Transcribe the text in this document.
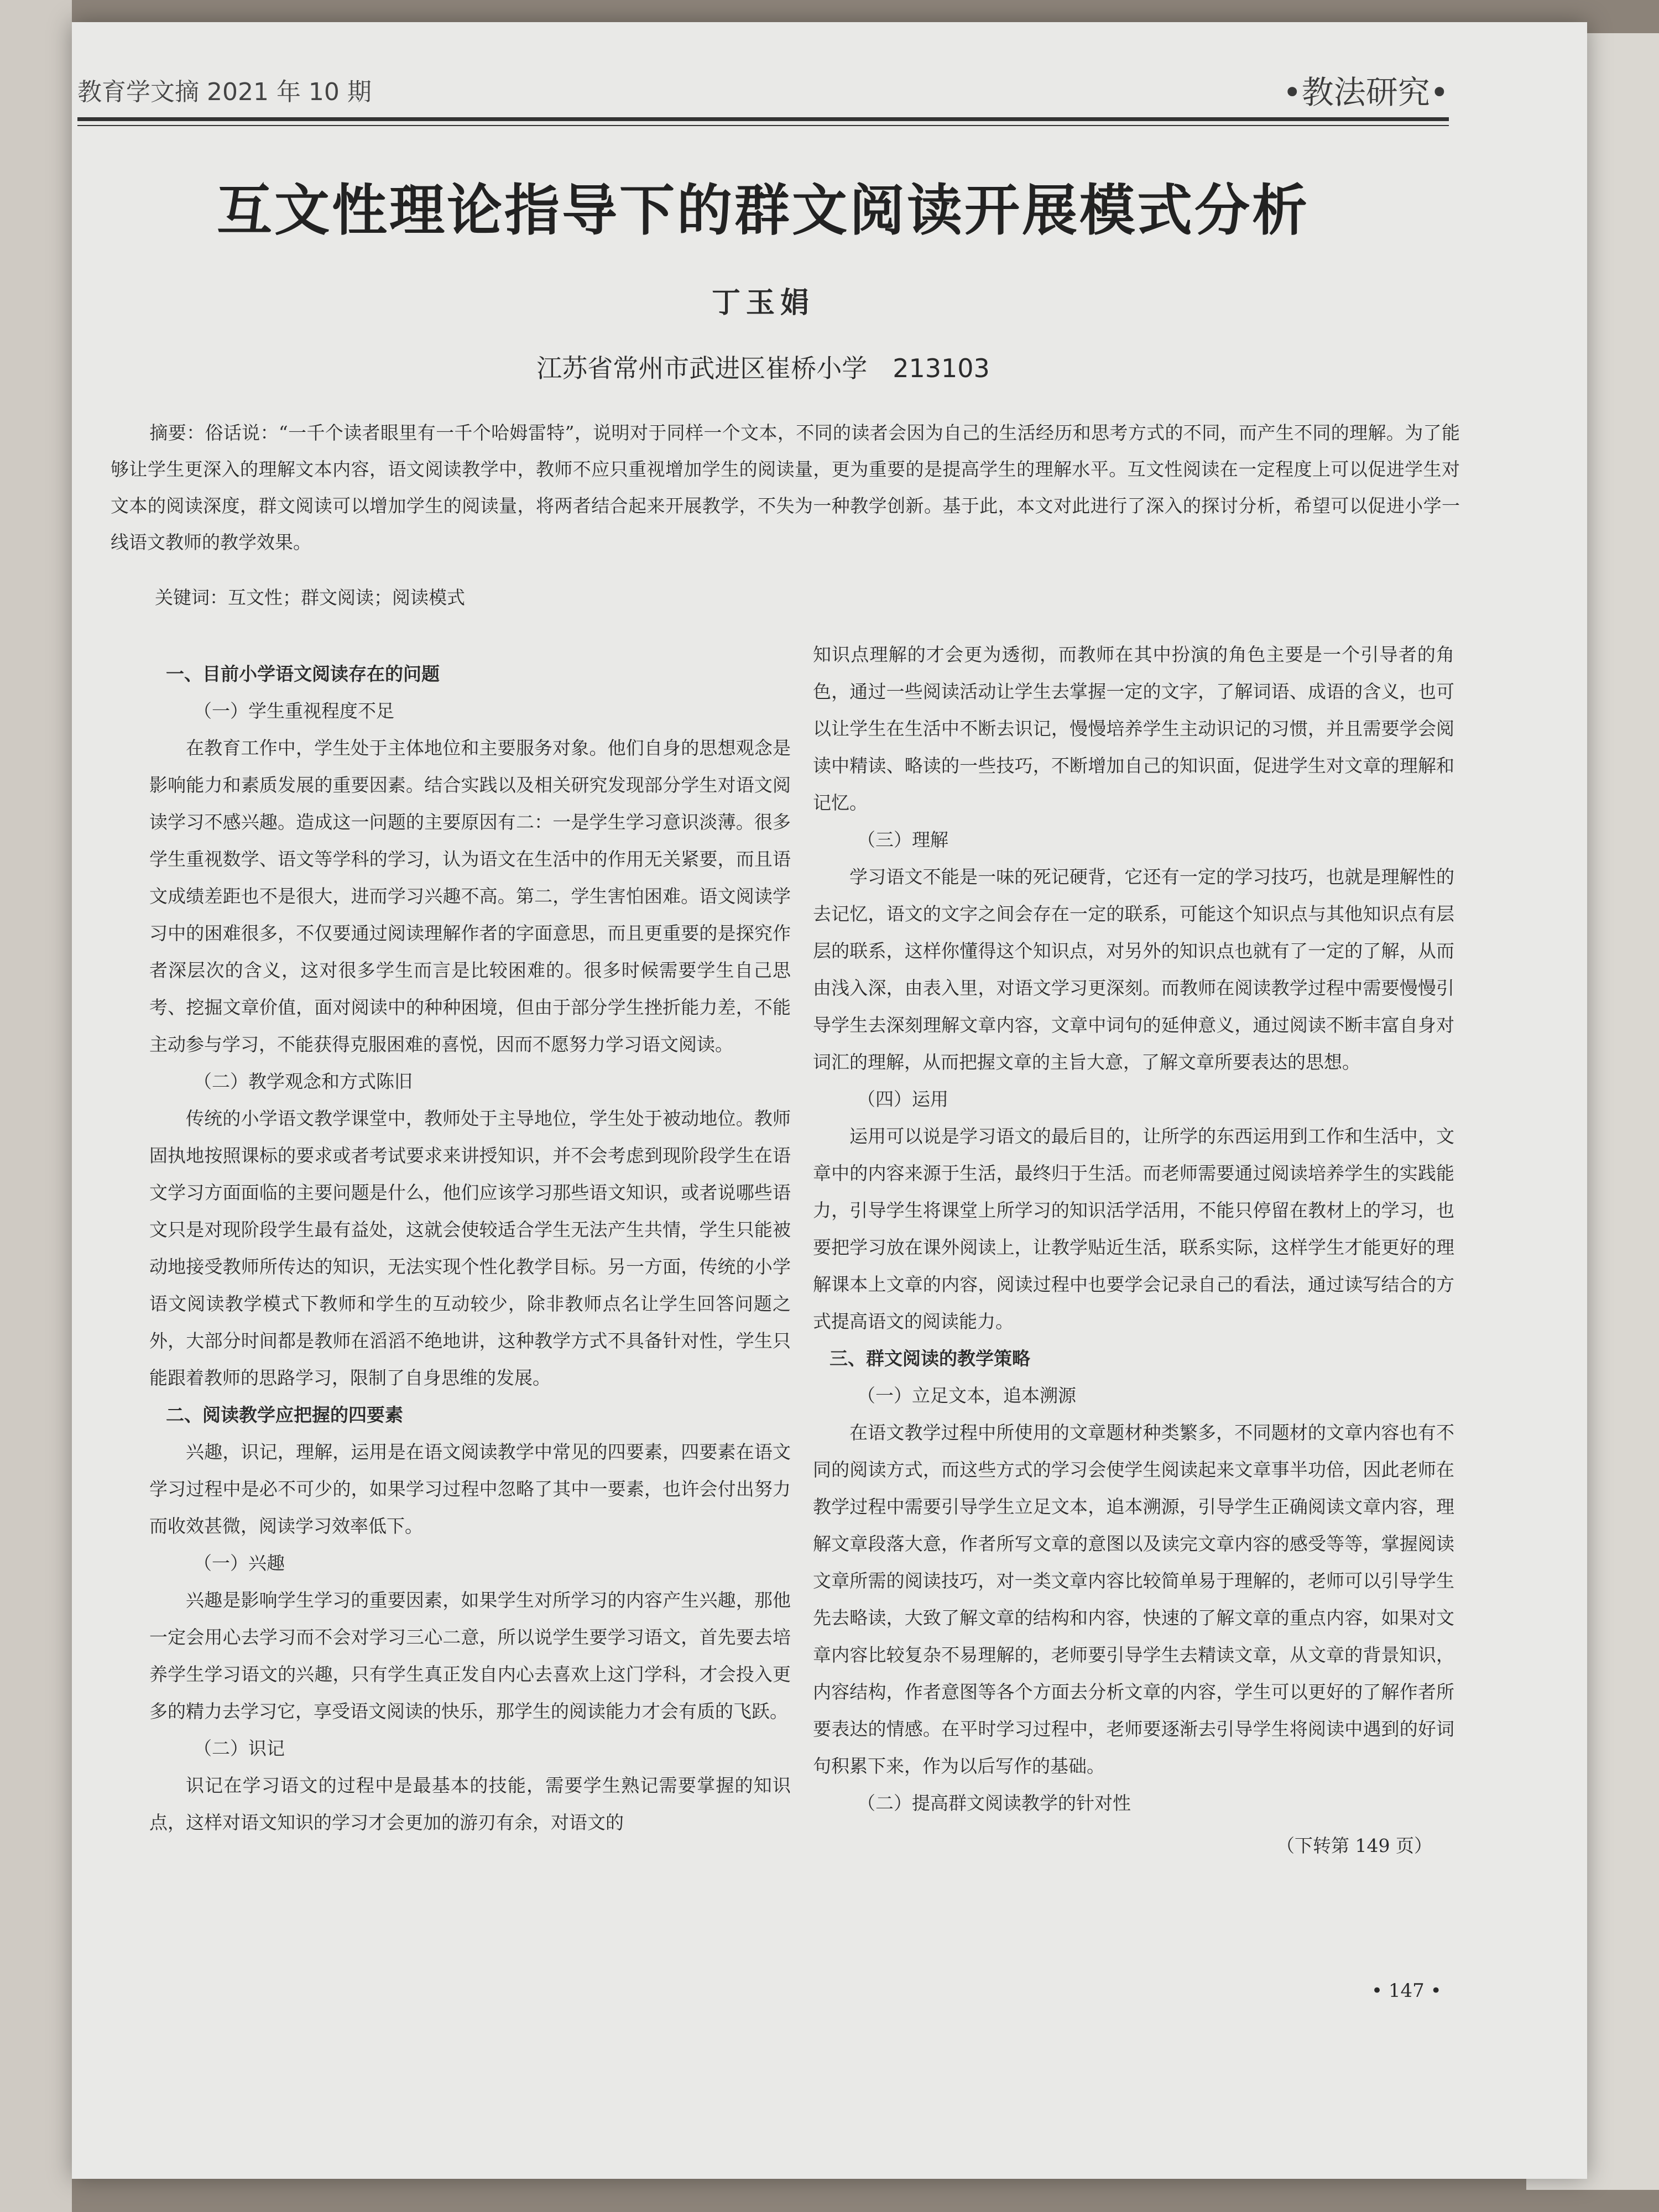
教育学文摘 2021 年 10 期	•教法研究•
互文性理论指导下的群文阅读开展模式分析
丁玉娟
江苏省常州市武进区崔桥小学　213103
摘要：俗话说：“一千个读者眼里有一千个哈姆雷特”，说明对于同样一个文本，不同的读者会因为自己的生活经历和思考方式的不同，而产生不同的理解。为了能够让学生更深入的理解文本内容，语文阅读教学中，教师不应只重视增加学生的阅读量，更为重要的是提高学生的理解水平。互文性阅读在一定程度上可以促进学生对文本的阅读深度，群文阅读可以增加学生的阅读量，将两者结合起来开展教学，不失为一种教学创新。基于此，本文对此进行了深入的探讨分析，希望可以促进小学一线语文教师的教学效果。
关键词：互文性；群文阅读；阅读模式
一、目前小学语文阅读存在的问题
（一）学生重视程度不足

在教育工作中，学生处于主体地位和主要服务对象。他们自身的思想观念是影响能力和素质发展的重要因素。结合实践以及相关研究发现部分学生对语文阅读学习不感兴趣。造成这一问题的主要原因有二：一是学生学习意识淡薄。很多学生重视数学、语文等学科的学习，认为语文在生活中的作用无关紧要，而且语文成绩差距也不是很大，进而学习兴趣不高。第二，学生害怕困难。语文阅读学习中的困难很多，不仅要通过阅读理解作者的字面意思，而且更重要的是探究作者深层次的含义，这对很多学生而言是比较困难的。很多时候需要学生自己思考、挖掘文章价值，面对阅读中的种种困境，但由于部分学生挫折能力差，不能主动参与学习，不能获得克服困难的喜悦，因而不愿努力学习语文阅读。

（二）教学观念和方式陈旧

传统的小学语文教学课堂中，教师处于主导地位，学生处于被动地位。教师固执地按照课标的要求或者考试要求来讲授知识，并不会考虑到现阶段学生在语文学习方面面临的主要问题是什么，他们应该学习那些语文知识，或者说哪些语文只是对现阶段学生最有益处，这就会使较适合学生无法产生共情，学生只能被动地接受教师所传达的知识，无法实现个性化教学目标。另一方面，传统的小学语文阅读教学模式下教师和学生的互动较少，除非教师点名让学生回答问题之外，大部分时间都是教师在滔滔不绝地讲，这种教学方式不具备针对性，学生只能跟着教师的思路学习，限制了自身思维的发展。

二、阅读教学应把握的四要素

兴趣，识记，理解，运用是在语文阅读教学中常见的四要素，四要素在语文学习过程中是必不可少的，如果学习过程中忽略了其中一要素，也许会付出努力而收效甚微，阅读学习效率低下。

（一）兴趣

兴趣是影响学生学习的重要因素，如果学生对所学习的内容产生兴趣，那他一定会用心去学习而不会对学习三心二意，所以说学生要学习语文，首先要去培养学生学习语文的兴趣，只有学生真正发自内心去喜欢上这门学科，才会投入更多的精力去学习它，享受语文阅读的快乐，那学生的阅读能力才会有质的飞跃。

（二）识记

识记在学习语文的过程中是最基本的技能，需要学生熟记需要掌握的知识点，这样对语文知识的学习才会更加的游刃有余，对语文的

知识点理解的才会更为透彻，而教师在其中扮演的角色主要是一个引导者的角色，通过一些阅读活动让学生去掌握一定的文字，了解词语、成语的含义，也可以让学生在生活中不断去识记，慢慢培养学生主动识记的习惯，并且需要学会阅读中精读、略读的一些技巧，不断增加自己的知识面，促进学生对文章的理解和记忆。

（三）理解

学习语文不能是一味的死记硬背，它还有一定的学习技巧，也就是理解性的去记忆，语文的文字之间会存在一定的联系，可能这个知识点与其他知识点有层层的联系，这样你懂得这个知识点，对另外的知识点也就有了一定的了解，从而由浅入深，由表入里，对语文学习更深刻。而教师在阅读教学过程中需要慢慢引导学生去深刻理解文章内容，文章中词句的延伸意义，通过阅读不断丰富自身对词汇的理解，从而把握文章的主旨大意，了解文章所要表达的思想。

（四）运用

运用可以说是学习语文的最后目的，让所学的东西运用到工作和生活中，文章中的内容来源于生活，最终归于生活。而老师需要通过阅读培养学生的实践能力，引导学生将课堂上所学习的知识活学活用，不能只停留在教材上的学习，也要把学习放在课外阅读上，让教学贴近生活，联系实际，这样学生才能更好的理解课本上文章的内容，阅读过程中也要学会记录自己的看法，通过读写结合的方式提高语文的阅读能力。

三、群文阅读的教学策略
（一）立足文本，追本溯源

在语文教学过程中所使用的文章题材种类繁多，不同题材的文章内容也有不同的阅读方式，而这些方式的学习会使学生阅读起来文章事半功倍，因此老师在教学过程中需要引导学生立足文本，追本溯源，引导学生正确阅读文章内容，理解文章段落大意，作者所写文章的意图以及读完文章内容的感受等等，掌握阅读文章所需的阅读技巧，对一类文章内容比较简单易于理解的，老师可以引导学生先去略读，大致了解文章的结构和内容，快速的了解文章的重点内容，如果对文章内容比较复杂不易理解的，老师要引导学生去精读文章，从文章的背景知识，内容结构，作者意图等各个方面去分析文章的内容，学生可以更好的了解作者所要表达的情感。在平时学习过程中，老师要逐渐去引导学生将阅读中遇到的好词句积累下来，作为以后写作的基础。

（二）提高群文阅读教学的针对性
（下转第 149 页）
• 147 •
